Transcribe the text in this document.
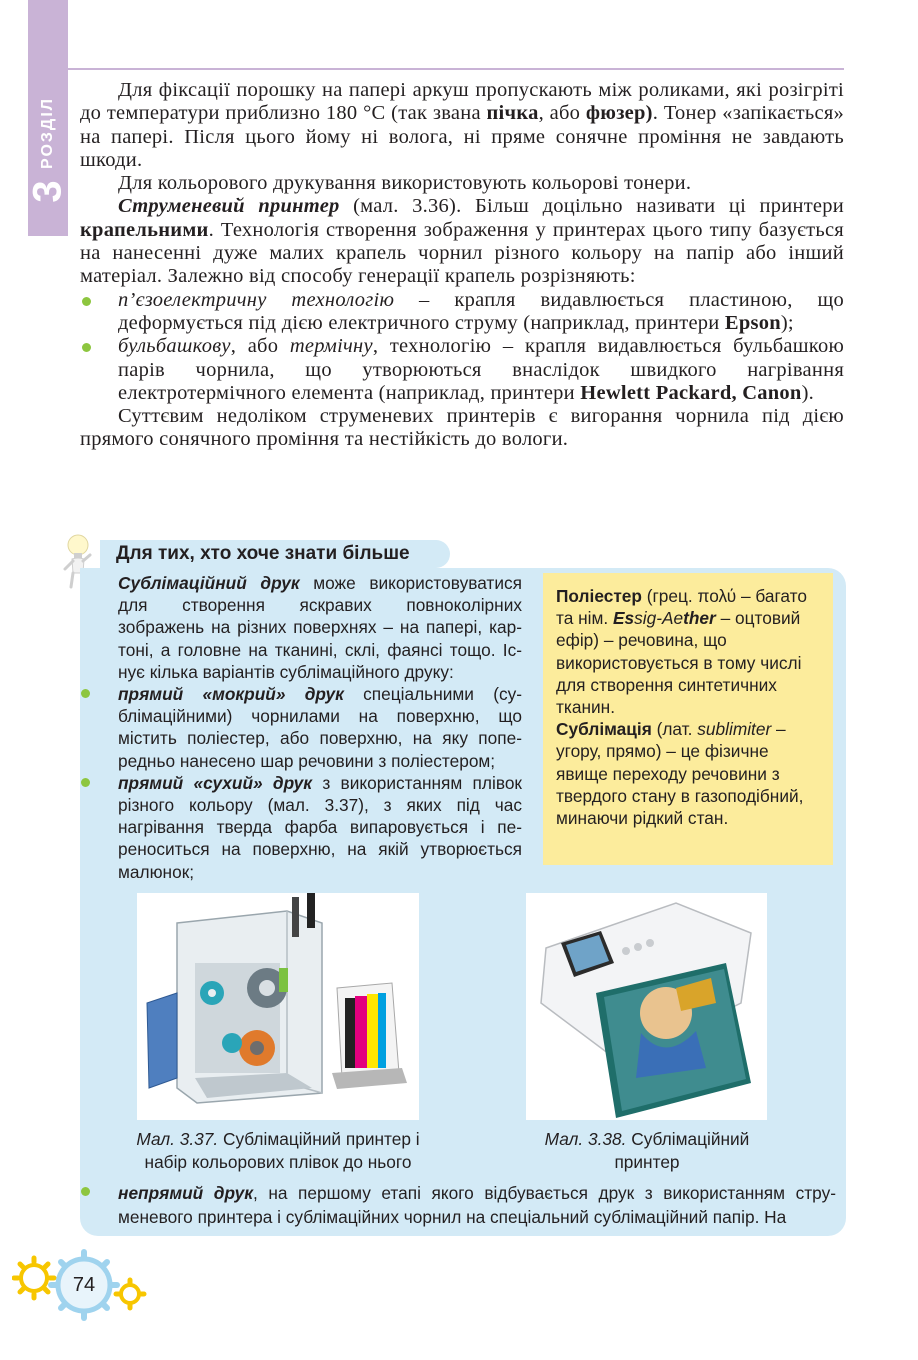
РОЗДІЛ
3

Для фіксації порошку на папері аркуш пропускають між роликами, які розігріті до температури приблизно 180 °С (так звана пічка, або фюзер). Тонер «запікається» на папері. Після цього йому ні волога, ні пряме сонячне проміння не завдають шкоди.

Для кольорового друкування використовують кольорові тонери.

Струменевий принтер (мал. 3.36). Більш доцільно називати ці принтери крапельними. Технологія створення зображення у принтерах цього типу базується на нанесенні дуже малих крапель чорнил різного кольору на папір або інший матеріал. Залежно від способу генерації крапель розрізняють:

п’єзоелектричну технологію – крапля видавлюється пластиною, що деформується під дією електричного струму (наприклад, принтери Epson);
бульбашкову, або термічну, технологію – крапля видавлюється бульбашкою парів чорнила, що утворюються внаслідок швидкого нагрівання електротермічного елемента (наприклад, принтери Hewlett Packard, Canon).

Суттєвим недоліком струменевих принтерів є вигорання чорнила під дією прямого сонячного проміння та нестійкість до вологи.

Для тих, хто хоче знати більше

Сублімаційний друк може використовуватися для створення яскравих повноколірних зображень на різних поверхнях – на папері, картоні, а головне на тканині, склі, фаянсі тощо. Існує кілька варіантів сублімаційного друку:

прямий «мокрий» друк спеціальними (сублімаційними) чорнилами на поверхню, що містить поліестер, або поверхню, на яку попередньо нанесено шар речовини з поліестером;
прямий «сухий» друк з використанням плівок різного кольору (мал. 3.37), з яких під час нагрівання тверда фарба випаровується і переноситься на поверхню, на якій утворюється малюнок;

Поліестер (грец. πολύ – багато та нім. Essig-Aether – оцтовий ефір) – речовина, що використовується в тому числі для створення синтетичних тканин.

Сублімація (лат. sublimiter – угору, прямо) – це фізичне явище переходу речовини з твердого стану в газоподібний, минаючи рідкий стан.

Мал. 3.37. Сублімаційний принтер і набір кольорових плівок до нього
Мал. 3.38. Сублімаційний принтер
непрямий друк, на першому етапі якого відбувається друк з використанням струменевого принтера і сублімаційних чорнил на спеціальний сублімаційний папір. На
74
